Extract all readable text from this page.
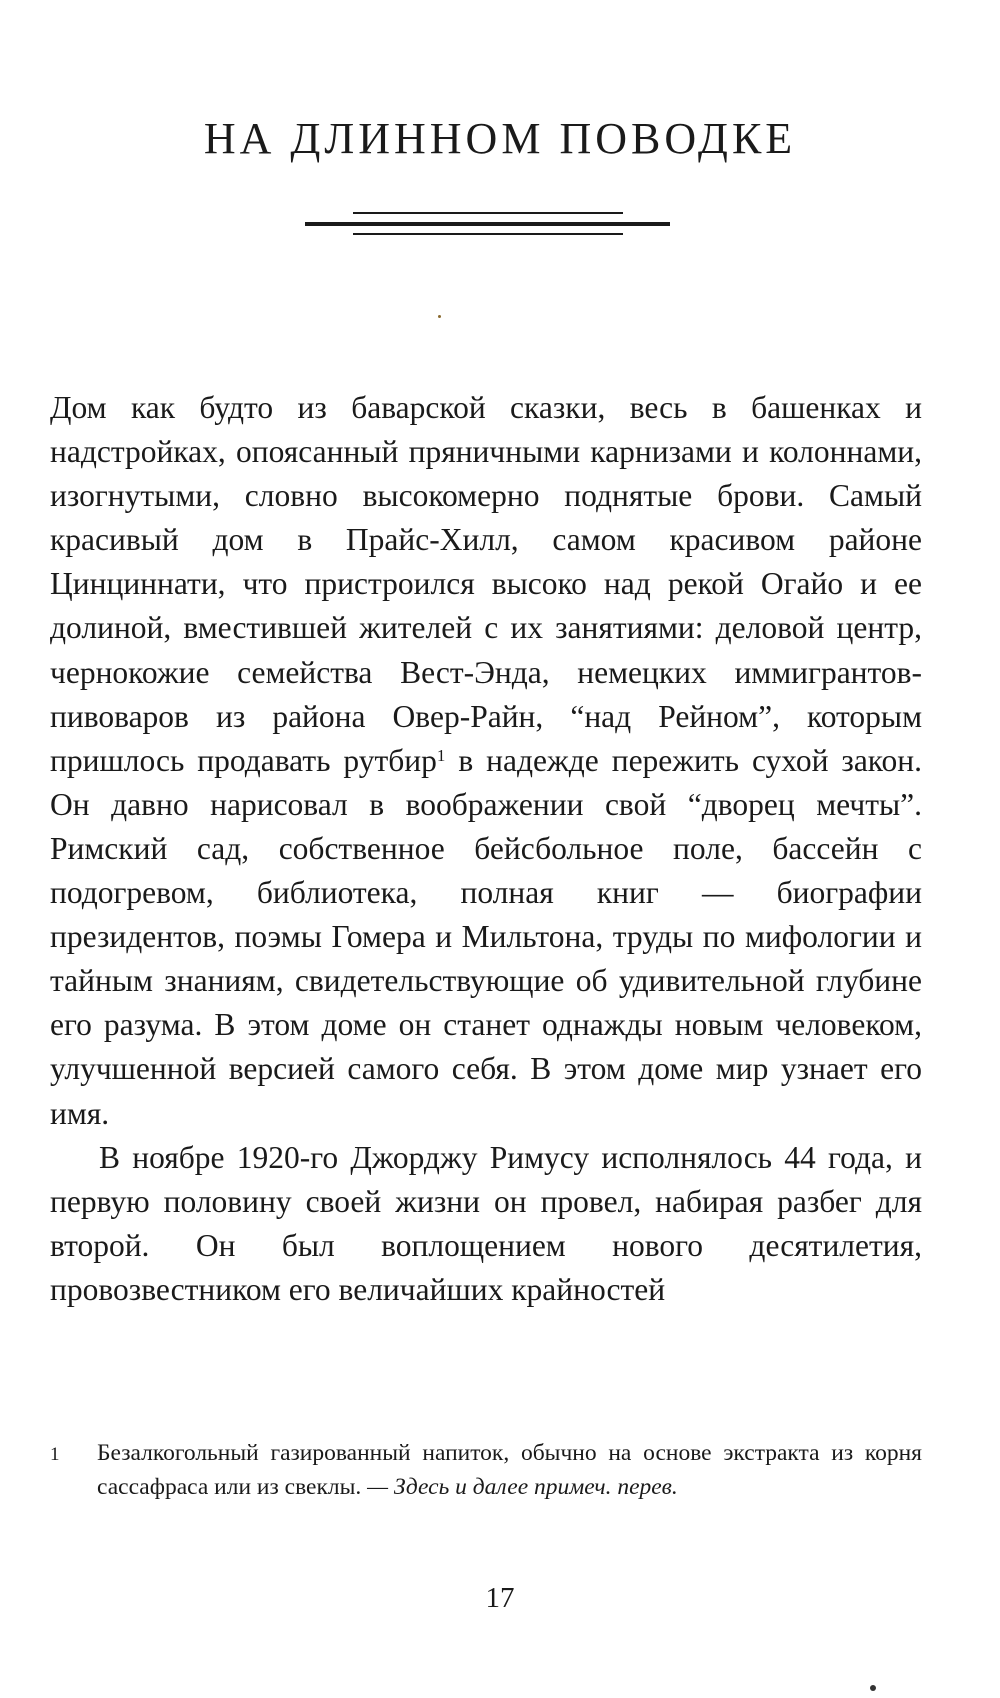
НА ДЛИННОМ ПОВОДКЕ

Дом как будто из баварской сказки, весь в башенках и надстройках, опоясанный пряничными карнизами и колоннами, изогнутыми, словно высокомерно поднятые брови. Самый красивый дом в Прайс-Хилл, самом красивом районе Цинциннати, что пристроился высоко над рекой Огайо и ее долиной, вместившей жителей с их занятиями: деловой центр, чернокожие семейства Вест-Энда, немецких иммигрантов-пивоваров из района Овер-Райн, “над Рейном”, которым пришлось продавать рутбир$^1$ в надежде пережить сухой закон. Он давно нарисовал в воображении свой “дворец мечты”. Римский сад, собственное бейсбольное поле, бассейн с подогревом, библиотека, полная книг — биографии президентов, поэмы Гомера и Мильтона, труды по мифологии и тайным знаниям, свидетельствующие об удивительной глубине его разума. В этом доме он станет однажды новым человеком, улучшенной версией самого себя. В этом доме мир узнает его имя.

В ноябре 1920-го Джорджу Римусу исполнялось 44 года, и первую половину своей жизни он провел, набирая разбег для второй. Он был воплощением нового десятилетия, провозвестником его величайших крайностей

1	Безалкогольный газированный напиток, обычно на основе экстракта из корня сассафраса или из свеклы. — Здесь и далее примеч. перев.

17
